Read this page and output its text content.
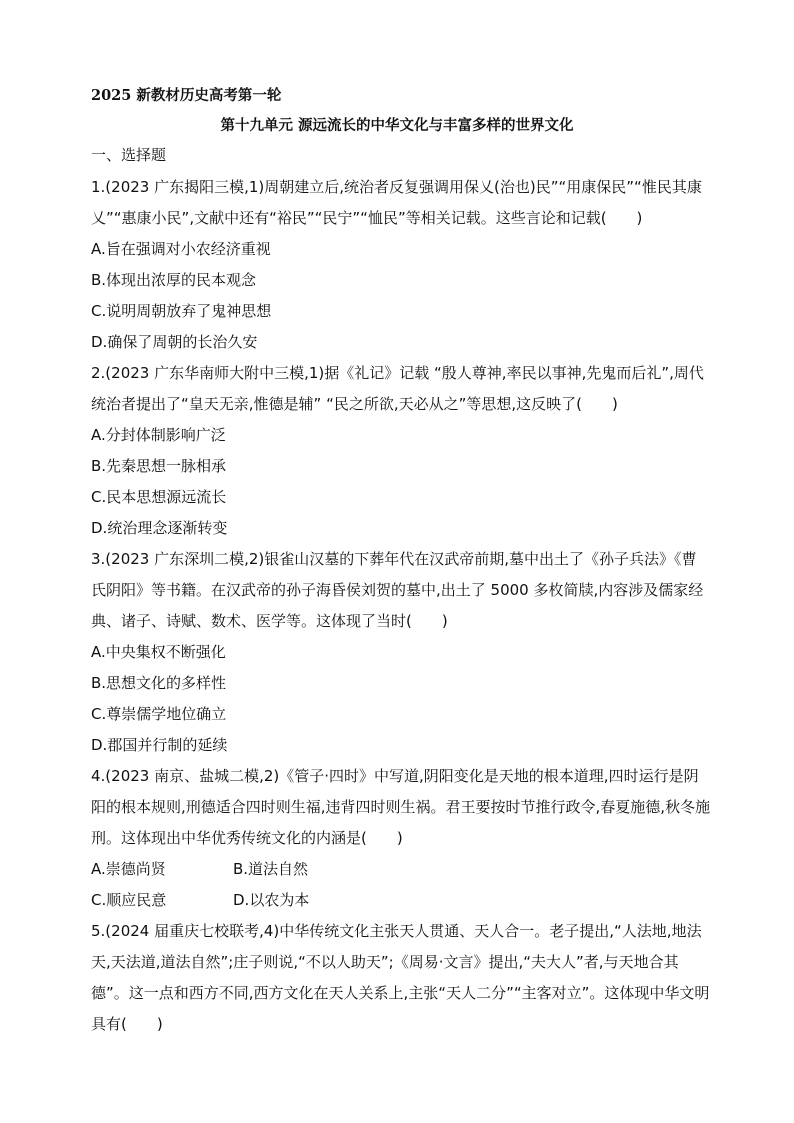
2025 新教材历史高考第一轮
第十九单元 源远流长的中华文化与丰富多样的世界文化
一、选择题

1.(2023 广东揭阳三模,1)周朝建立后,统治者反复强调用保乂(治也)民”“用康保民”“惟民其康乂”“惠康小民”,文献中还有“裕民”“民宁”“恤民”等相关记载。这些言论和记载(　　)

A.旨在强调对小农经济重视

B.体现出浓厚的民本观念

C.说明周朝放弃了鬼神思想

D.确保了周朝的长治久安

2.(2023 广东华南师大附中三模,1)据《礼记》记载 “殷人尊神,率民以事神,先鬼而后礼”,周代统治者提出了“皇天无亲,惟德是辅” “民之所欲,天必从之”等思想,这反映了(　　)

A.分封体制影响广泛

B.先秦思想一脉相承

C.民本思想源远流长

D.统治理念逐渐转变

3.(2023 广东深圳二模,2)银雀山汉墓的下葬年代在汉武帝前期,墓中出土了《孙子兵法》《曹氏阴阳》等书籍。在汉武帝的孙子海昏侯刘贺的墓中,出土了 5000 多枚简牍,内容涉及儒家经典、诸子、诗赋、数术、医学等。这体现了当时(　　)

A.中央集权不断强化

B.思想文化的多样性

C.尊崇儒学地位确立

D.郡国并行制的延续

4.(2023 南京、盐城二模,2)《管子·四时》中写道,阴阳变化是天地的根本道理,四时运行是阴阳的根本规则,刑德适合四时则生福,违背四时则生祸。君王要按时节推行政令,春夏施德,秋冬施刑。这体现出中华优秀传统文化的内涵是(　　)

A.崇德尚贤	B.道法自然
C.顺应民意	D.以农为本

5.(2024 届重庆七校联考,4)中华传统文化主张天人贯通、天人合一。老子提出,“人法地,地法天,天法道,道法自然”;庄子则说,“不以人助天”;《周易·文言》提出,“夫大人”者,与天地合其德”。这一点和西方不同,西方文化在天人关系上,主张“天人二分”“主客对立”。这体现中华文明具有(　　)
